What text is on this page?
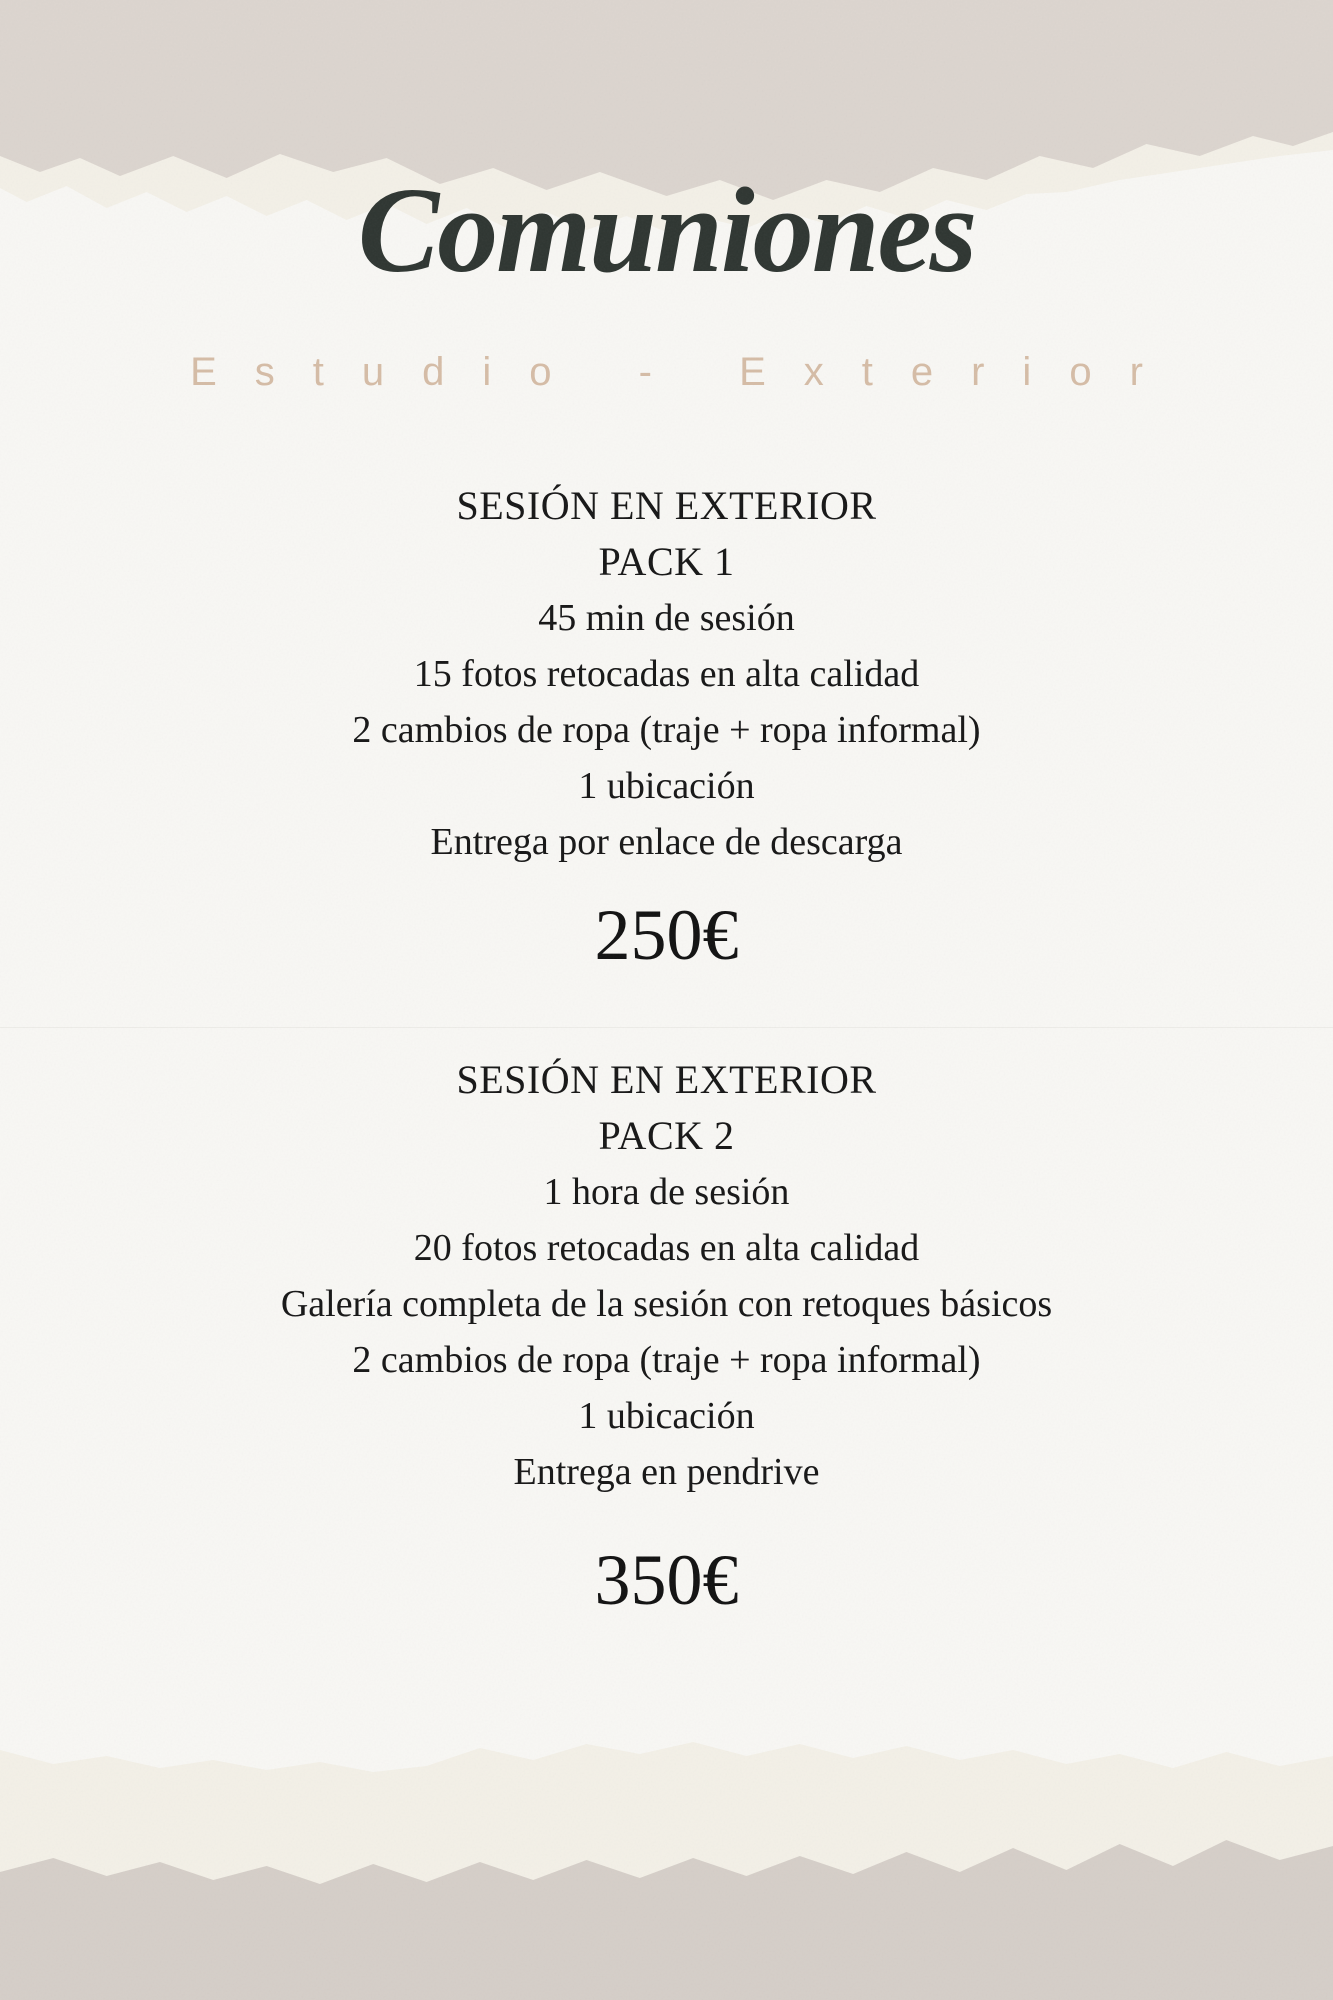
Comuniones
Estudio - Exterior
SESIÓN EN EXTERIOR
PACK 1
45 min de sesión
15 fotos retocadas en alta calidad
2 cambios de ropa (traje + ropa informal)
1 ubicación
Entrega por enlace de descarga
250€
SESIÓN EN EXTERIOR
PACK 2
1 hora de sesión
20 fotos retocadas en alta calidad
Galería completa de la sesión con retoques básicos
2 cambios de ropa (traje + ropa informal)
1 ubicación
Entrega en pendrive
350€
